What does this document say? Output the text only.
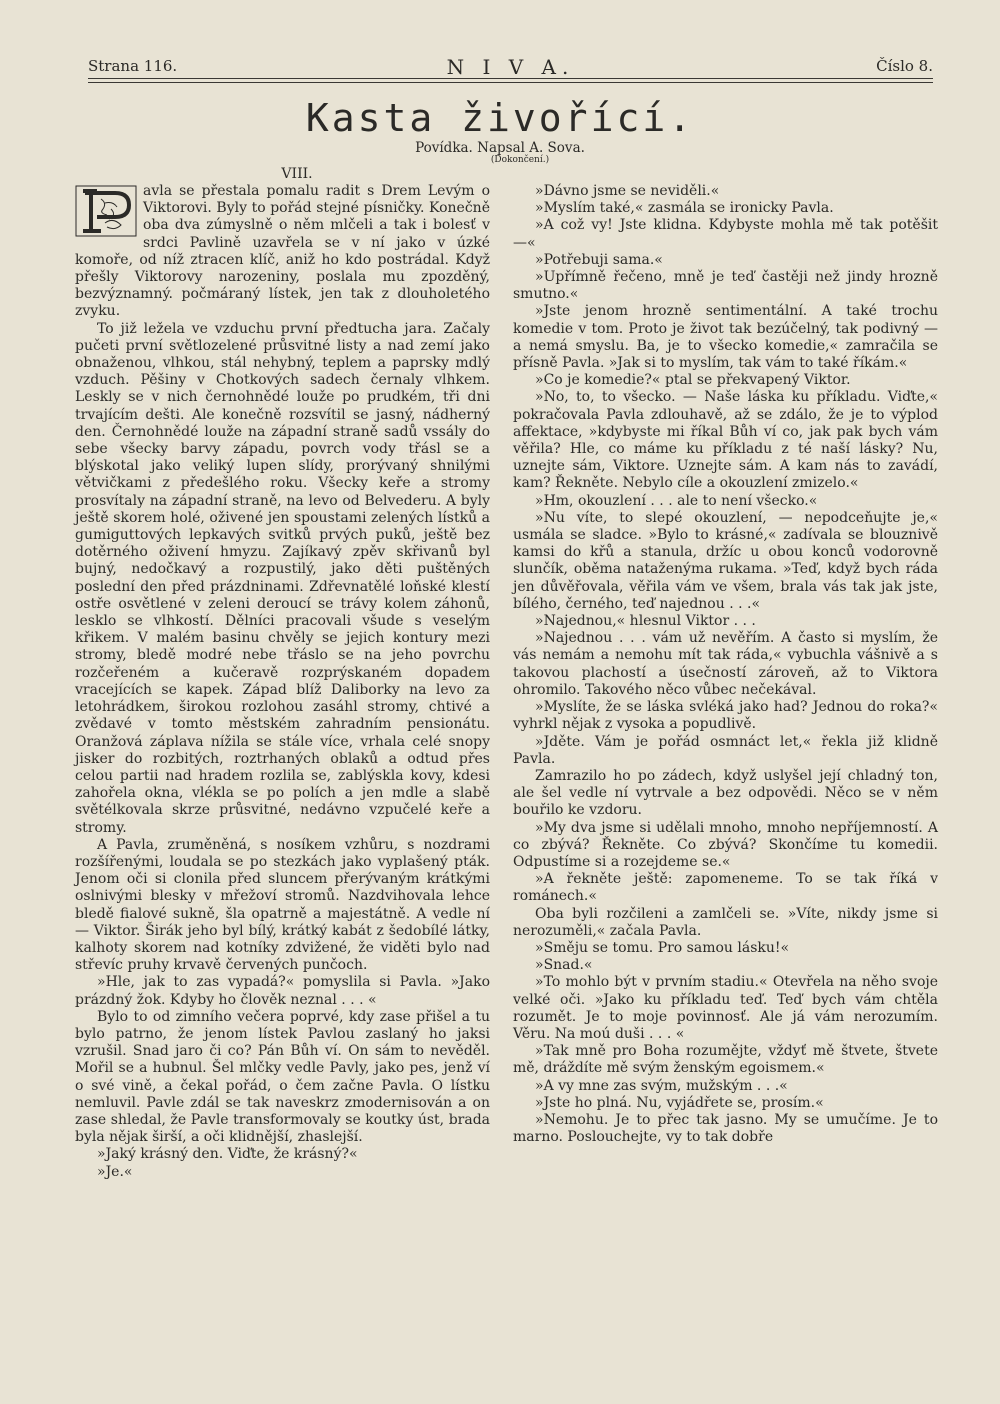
Strana 116.	N I V A.	Číslo 8.
Kasta živořící.
Povídka. Napsal A. Sova.
(Dokončení.)
VIII.

avla se přestala pomalu radit s Drem Levým o Viktorovi. Byly to pořád stejné písničky. Konečně oba dva zúmyslně o něm mlčeli a tak i bolesť v srdci Pavlině uzavřela se v ní jako v úzké komoře, od níž ztracen klíč, aniž ho kdo postrádal. Když přešly Viktorovy narozeniny, poslala mu zpozděný, bezvýznamný. počmáraný lístek, jen tak z dlouholetého zvyku.

To již ležela ve vzduchu první předtucha jara. Začaly pučeti první světlozelené průsvitné listy a nad zemí jako obnaženou, vlhkou, stál nehybný, teplem a paprsky mdlý vzduch. Pěšiny v Chotkových sadech černaly vlhkem. Leskly se v nich černohnědé louže po prudkém, tři dni trvajícím dešti. Ale konečně rozsvítil se jasný, nádherný den. Černohnědé louže na západní straně sadů vssály do sebe všecky barvy západu, povrch vody třásl se a blýskotal jako veliký lupen slídy, prorývaný shnilými větvičkami z předešlého roku. Všecky keře a stromy prosvítaly na západní straně, na levo od Belvederu. A byly ještě skorem holé, oživené jen spoustami zelených lístků a gumiguttových lepkavých svitků prvých puků, ještě bez dotěrného oživení hmyzu. Zajíkavý zpěv skřivanů byl bujný, nedočkavý a rozpustilý, jako děti puštěných poslední den před prázdninami. Zdřevnatělé loňské klestí ostře osvětlené v zeleni deroucí se trávy kolem záhonů, lesklo se vlhkostí. Dělníci pracovali všude s veselým křikem. V malém basinu chvěly se jejich kontury mezi stromy, bledě modré nebe třáslo se na jeho povrchu rozčeřeném a kučeravě rozprýskaném dopadem vracejících se kapek. Západ blíž Daliborky na levo za letohrádkem, širokou rozlohou zasáhl stromy, chtivé a zvědavé v tomto městském zahradním pensionátu. Oranžová záplava nížila se stále více, vrhala celé snopy jisker do rozbitých, roztrhaných oblaků a odtud přes celou partii nad hradem rozlila se, zablýskla kovy, kdesi zahořela okna, vlékla se po polích a jen mdle a slabě světélkovala skrze průsvitné, nedávno vzpučelé keře a stromy.

A Pavla, zruměněná, s nosíkem vzhůru, s nozdrami rozšířenými, loudala se po stezkách jako vyplašený pták. Jenom oči si clonila před sluncem přerývaným krátkými oslnivými blesky v mřežoví stromů. Nazdvihovala lehce bledě fialové sukně, šla opatrně a majestátně. A vedle ní — Viktor. Širák jeho byl bílý, krátký kabát z šedobílé látky, kalhoty skorem nad kotníky zdvižené, že viděti bylo nad střevíc pruhy krvavě červených punčoch.

»Hle, jak to zas vypadá?« pomyslila si Pavla. »Jako prázdný žok. Kdyby ho člověk neznal . . . «

Bylo to od zimního večera poprvé, kdy zase přišel a tu bylo patrno, že jenom lístek Pavlou zaslaný ho jaksi vzrušil. Snad jaro či co? Pán Bůh ví. On sám to nevěděl. Mořil se a hubnul. Šel mlčky vedle Pavly, jako pes, jenž ví o své vině, a čekal pořád, o čem začne Pavla. O lístku nemluvil. Pavle zdál se tak naveskrz zmodernisován a on zase shledal, že Pavle transformovaly se koutky úst, brada byla nějak širší, a oči klidnější, zhaslejší.

»Jaký krásný den. Viďte, že krásný?«

»Je.«

»Dávno jsme se neviděli.«

»Myslím také,« zasmála se ironicky Pavla.

»A což vy! Jste klidna. Kdybyste mohla mě tak potěšit —«

»Potřebuji sama.«

»Upřímně řečeno, mně je teď častěji než jindy hrozně smutno.«

»Jste jenom hrozně sentimentální. A také trochu komedie v tom. Proto je život tak bezúčelný, tak podivný — a nemá smyslu. Ba, je to všecko komedie,« zamračila se přísně Pavla. »Jak si to myslím, tak vám to také říkám.«

»Co je komedie?« ptal se překvapený Viktor.

»No, to, to všecko. — Naše láska ku příkladu. Viďte,« pokračovala Pavla zdlouhavě, až se zdálo, že je to výplod affektace, »kdybyste mi říkal Bůh ví co, jak pak bych vám věřila? Hle, co máme ku příkladu z té naší lásky? Nu, uznejte sám, Viktore. Uznejte sám. A kam nás to zavádí, kam? Řekněte. Nebylo cíle a okouzlení zmizelo.«

»Hm, okouzlení . . . ale to není všecko.«

»Nu víte, to slepé okouzlení, — nepodceňujte je,« usmála se sladce. »Bylo to krásné,« zadívala se blouznivě kamsi do křů a stanula, držíc u obou konců vodorovně slunčík, oběma nataženýma rukama. »Teď, když bych ráda jen důvěřovala, věřila vám ve všem, brala vás tak jak jste, bílého, černého, teď najednou . . .«

»Najednou,« hlesnul Viktor . . .

»Najednou . . . vám už nevěřím. A často si myslím, že vás nemám a nemohu mít tak ráda,« vybuchla vášnivě a s takovou plachostí a úsečností zároveň, až to Viktora ohromilo. Takového něco vůbec nečekával.

»Myslíte, že se láska svléká jako had? Jednou do roka?« vyhrkl nějak z vysoka a popudlivě.

»Jděte. Vám je pořád osmnáct let,« řekla již klidně Pavla.

Zamrazilo ho po zádech, když uslyšel její chladný ton, ale šel vedle ní vytrvale a bez odpovědi. Něco se v něm bouřilo ke vzdoru.

»My dva jsme si udělali mnoho, mnoho nepříjemností. A co zbývá? Řekněte. Co zbývá? Skončíme tu komedii. Odpustíme si a rozejdeme se.«

»A řekněte ještě: zapomeneme. To se tak říká v románech.«

Oba byli rozčileni a zamlčeli se. »Víte, nikdy jsme si nerozuměli,« začala Pavla.

»Směju se tomu. Pro samou lásku!«

»Snad.«

»To mohlo být v prvním stadiu.« Otevřela na něho svoje velké oči. »Jako ku příkladu teď. Teď bych vám chtěla rozumět. Je to moje povinnosť. Ale já vám nerozumím. Věru. Na moú duši . . . «

»Tak mně pro Boha rozumějte, vždyť mě štvete, štvete mě, dráždíte mě svým ženským egoismem.«

»A vy mne zas svým, mužským . . .«

»Jste ho plná. Nu, vyjádřete se, prosím.«

»Nemohu. Je to přec tak jasno. My se umučíme. Je to marno. Poslouchejte, vy to tak dobře
